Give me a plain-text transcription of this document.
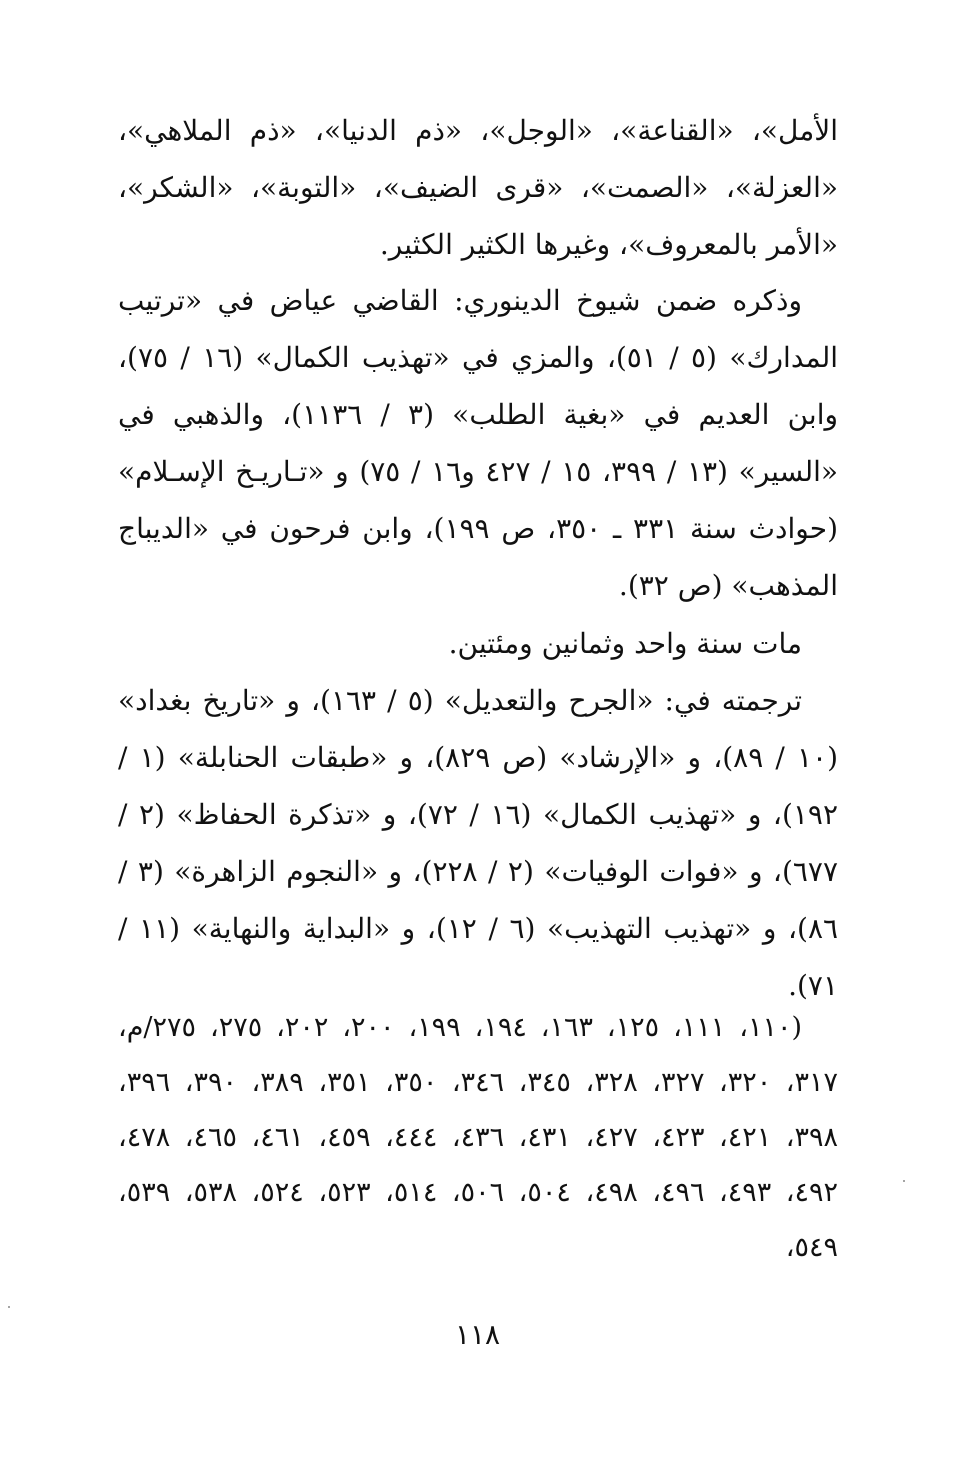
الأمل»، «القناعة»، «الوجل»، «ذم الدنيا»، «ذم الملاهي»، «العزلة»، «الصمت»، «قرى الضيف»، «التوبة»، «الشكر»، «الأمر بالمعروف»، وغيرها الكثير الكثير.

وذكره ضمن شيوخ الدينوري: القاضي عياض في «ترتيب المدارك» (٥ / ٥١)، والمزي في «تهذيب الكمال» (١٦ / ٧٥)، وابن العديم في «بغية الطلب» (٣ / ١١٣٦)، والذهبي في «السير» (١٣ / ٣٩٩، ١٥ / ٤٢٧ و١٦ / ٧٥) و «تـاريـخ الإسـلام» (حوادث سنة ٣٣١ ـ ٣٥٠، ص ١٩٩)، وابن فرحون في «الديباج المذهب» (ص ٣٢).

مات سنة واحد وثمانين ومئتين.

ترجمته في: «الجرح والتعديل» (٥ / ١٦٣)، و «تاريخ بغداد» (١٠ / ٨٩)، و «الإرشاد» (ص ٨٢٩)، و «طبقات الحنابلة» (١ / ١٩٢)، و «تهذيب الكمال» (١٦ / ٧٢)، و «تذكرة الحفاظ» (٢ / ٦٧٧)، و «فوات الوفيات» (٢ / ٢٢٨)، و «النجوم الزاهرة» (٣ / ٨٦)، و «تهذيب التهذيب» (٦ / ١٢)، و «البداية والنهاية» (١١ / ٧١).

(١١٠، ١١١، ١٢٥، ١٦٣، ١٩٤، ١٩٩، ٢٠٠، ٢٠٢، ٢٧٥، ٢٧٥/م، ٣١٧، ٣٢٠، ٣٢٧، ٣٢٨، ٣٤٥، ٣٤٦، ٣٥٠، ٣٥١، ٣٨٩، ٣٩٠، ٣٩٦، ٣٩٨، ٤٢١، ٤٢٣، ٤٢٧، ٤٣١، ٤٣٦، ٤٤٤، ٤٥٩، ٤٦١، ٤٦٥، ٤٧٨، ٤٩٢، ٤٩٣، ٤٩٦، ٤٩٨، ٥٠٤، ٥٠٦، ٥١٤، ٥٢٣، ٥٢٤، ٥٣٨، ٥٣٩، ٥٤٩،

١١٨
